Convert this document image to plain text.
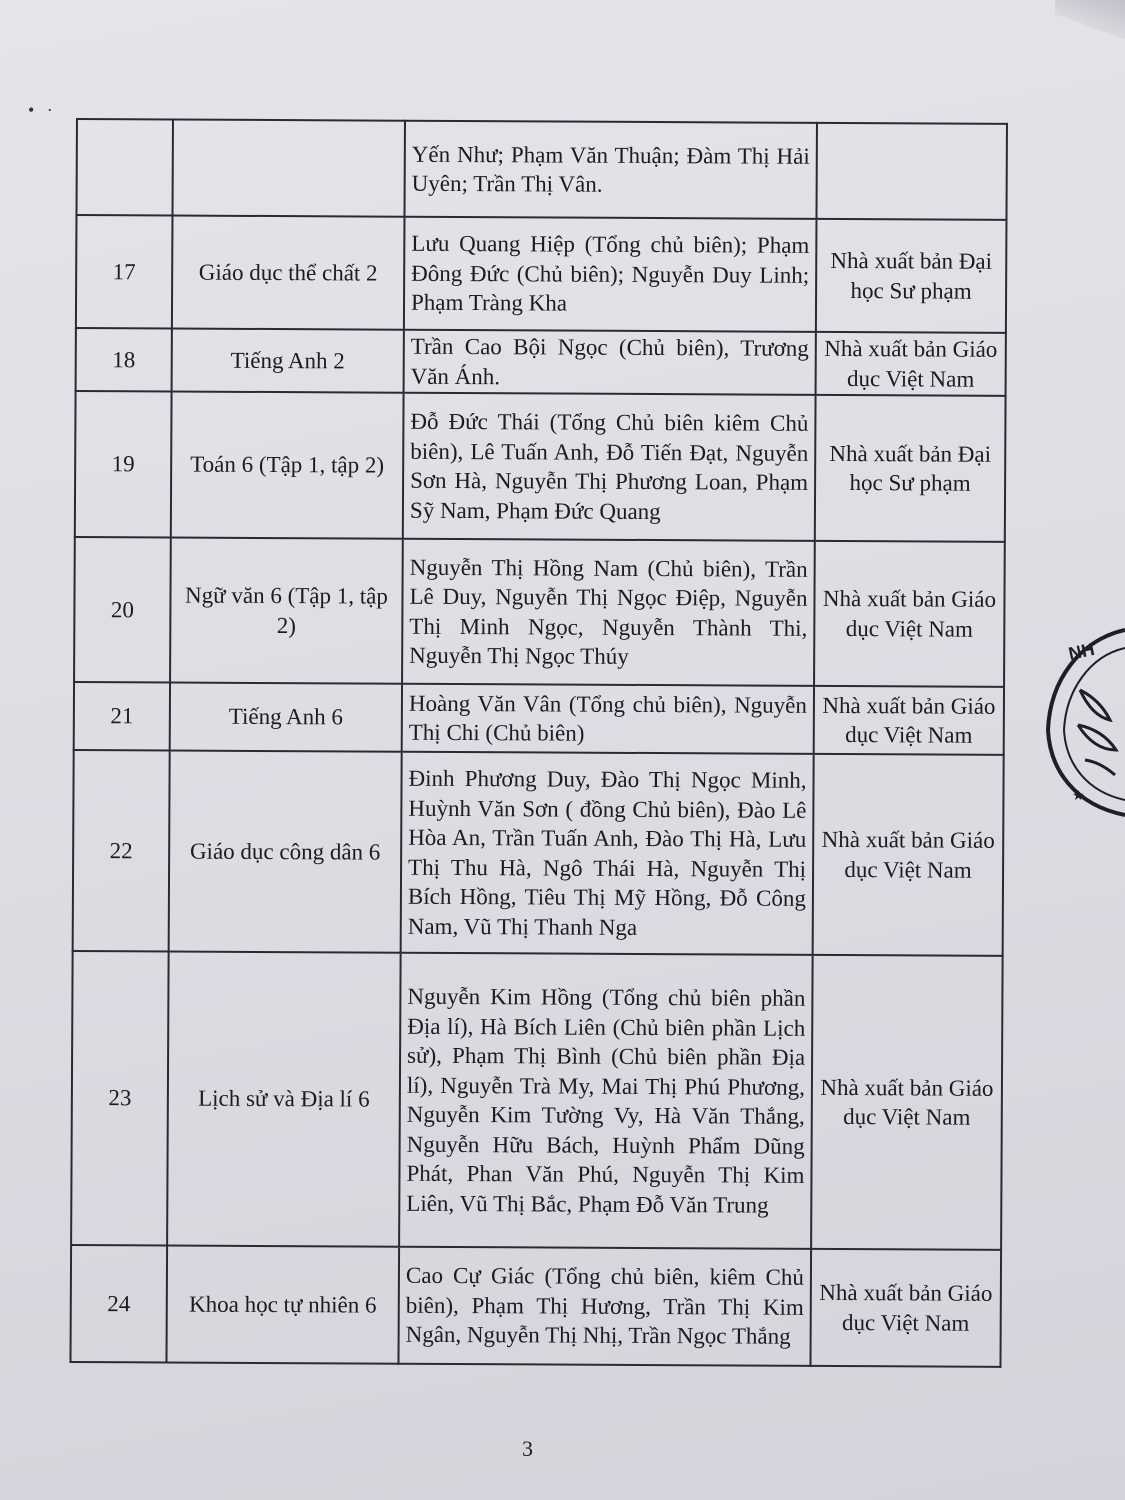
• ·
		Yến Như; Phạm Văn Thuận; Đàm Thị Hải Uyên; Trần Thị Vân.	
17	Giáo dục thể chất 2	Lưu Quang Hiệp (Tổng chủ biên); Phạm Đông Đức (Chủ biên); Nguyễn Duy Linh; Phạm Tràng Kha	Nhà xuất bản Đại học Sư phạm
18	Tiếng Anh 2	Trần Cao Bội Ngọc (Chủ biên), Trương Văn Ánh.	Nhà xuất bản Giáo dục Việt Nam
19	Toán 6 (Tập 1, tập 2)	Đỗ Đức Thái (Tổng Chủ biên kiêm Chủ biên), Lê Tuấn Anh, Đỗ Tiến Đạt, Nguyễn Sơn Hà, Nguyễn Thị Phương Loan, Phạm Sỹ Nam, Phạm Đức Quang	Nhà xuất bản Đại học Sư phạm
20	Ngữ văn 6 (Tập 1, tập 2)	Nguyễn Thị Hồng Nam (Chủ biên), Trần Lê Duy, Nguyễn Thị Ngọc Điệp, Nguyễn Thị Minh Ngọc, Nguyễn Thành Thi, Nguyễn Thị Ngọc Thúy	Nhà xuất bản Giáo dục Việt Nam
21	Tiếng Anh 6	Hoàng Văn Vân (Tổng chủ biên), Nguyễn Thị Chi (Chủ biên)	Nhà xuất bản Giáo dục Việt Nam
22	Giáo dục công dân 6	Đinh Phương Duy, Đào Thị Ngọc Minh, Huỳnh Văn Sơn ( đồng Chủ biên), Đào Lê Hòa An, Trần Tuấn Anh, Đào Thị Hà, Lưu Thị Thu Hà, Ngô Thái Hà, Nguyễn Thị Bích Hồng, Tiêu Thị Mỹ Hồng, Đỗ Công Nam, Vũ Thị Thanh Nga	Nhà xuất bản Giáo dục Việt Nam
23	Lịch sử và Địa lí 6	Nguyễn Kim Hồng (Tổng chủ biên phần Địa lí), Hà Bích Liên (Chủ biên phần Lịch sử), Phạm Thị Bình (Chủ biên phần Địa lí), Nguyễn Trà My, Mai Thị Phú Phương, Nguyễn Kim Tường Vy, Hà Văn Thắng, Nguyễn Hữu Bách, Huỳnh Phẩm Dũng Phát, Phan Văn Phú, Nguyễn Thị Kim Liên, Vũ Thị Bắc, Phạm Đỗ Văn Trung	Nhà xuất bản Giáo dục Việt Nam
24	Khoa học tự nhiên 6	Cao Cự Giác (Tổng chủ biên, kiêm Chủ biên), Phạm Thị Hương, Trần Thị Kim Ngân, Nguyễn Thị Nhị, Trần Ngọc Thắng	Nhà xuất bản Giáo dục Việt Nam
3
NH
★
